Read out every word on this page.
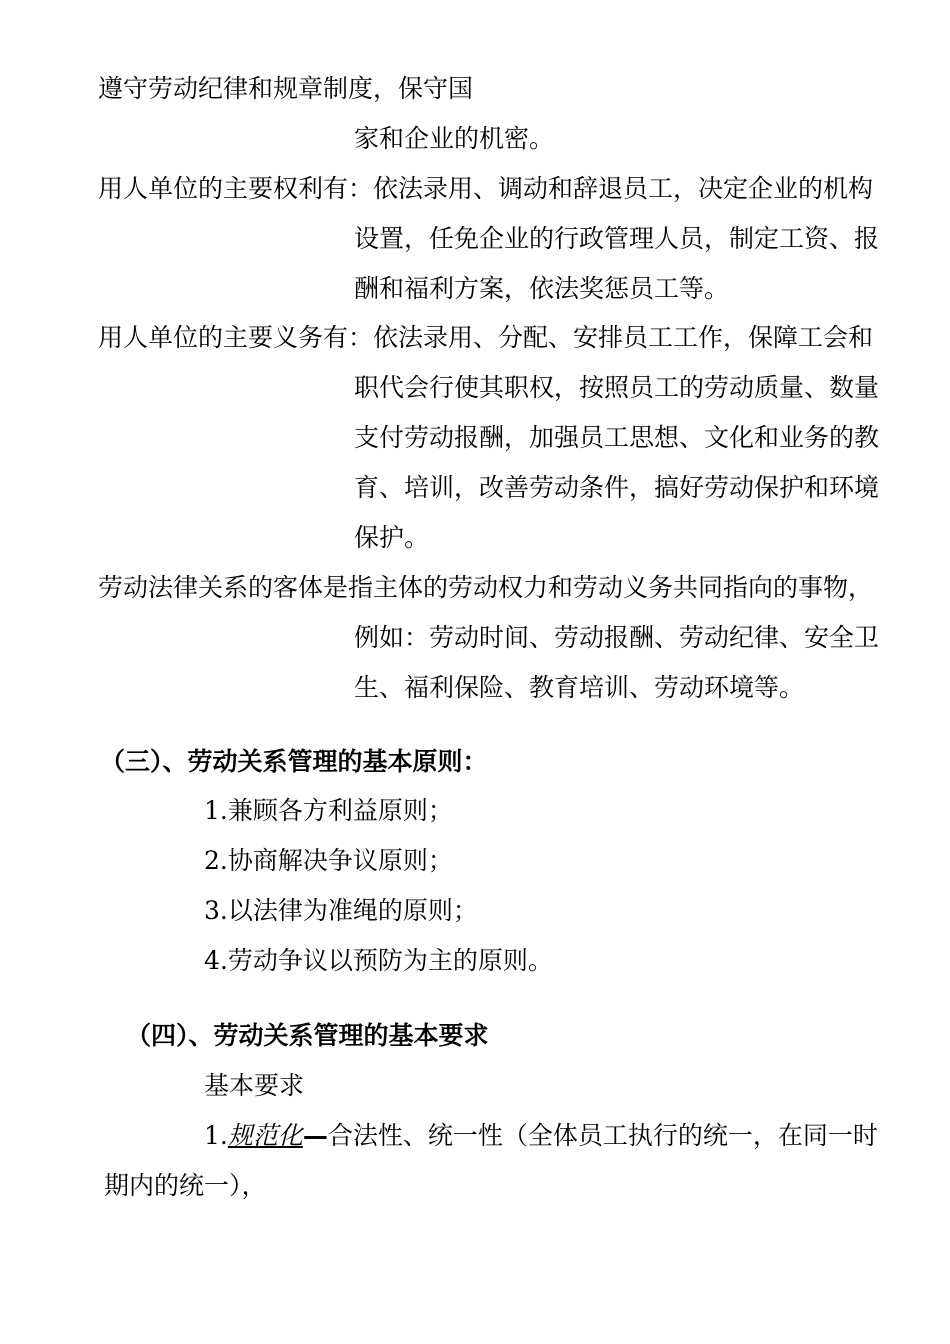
遵守劳动纪律和规章制度，保守国
家和企业的机密。
用人单位的主要权利有：依法录用、调动和辞退员工，决定企业的机构
设置，任免企业的行政管理人员，制定工资、报
酬和福利方案，依法奖惩员工等。
用人单位的主要义务有：依法录用、分配、安排员工工作，保障工会和
职代会行使其职权，按照员工的劳动质量、数量
支付劳动报酬，加强员工思想、文化和业务的教
育、培训，改善劳动条件，搞好劳动保护和环境
保护。
劳动法律关系的客体是指主体的劳动权力和劳动义务共同指向的事物，
例如：劳动时间、劳动报酬、劳动纪律、安全卫
生、福利保险、教育培训、劳动环境等。
（三）、劳动关系管理的基本原则：
1.兼顾各方利益原则；
2.协商解决争议原则；
3.以法律为准绳的原则；
4.劳动争议以预防为主的原则。
（四）、劳动关系管理的基本要求
基本要求
1.规范化—合法性、统一性（全体员工执行的统一，在同一时
期内的统一），
